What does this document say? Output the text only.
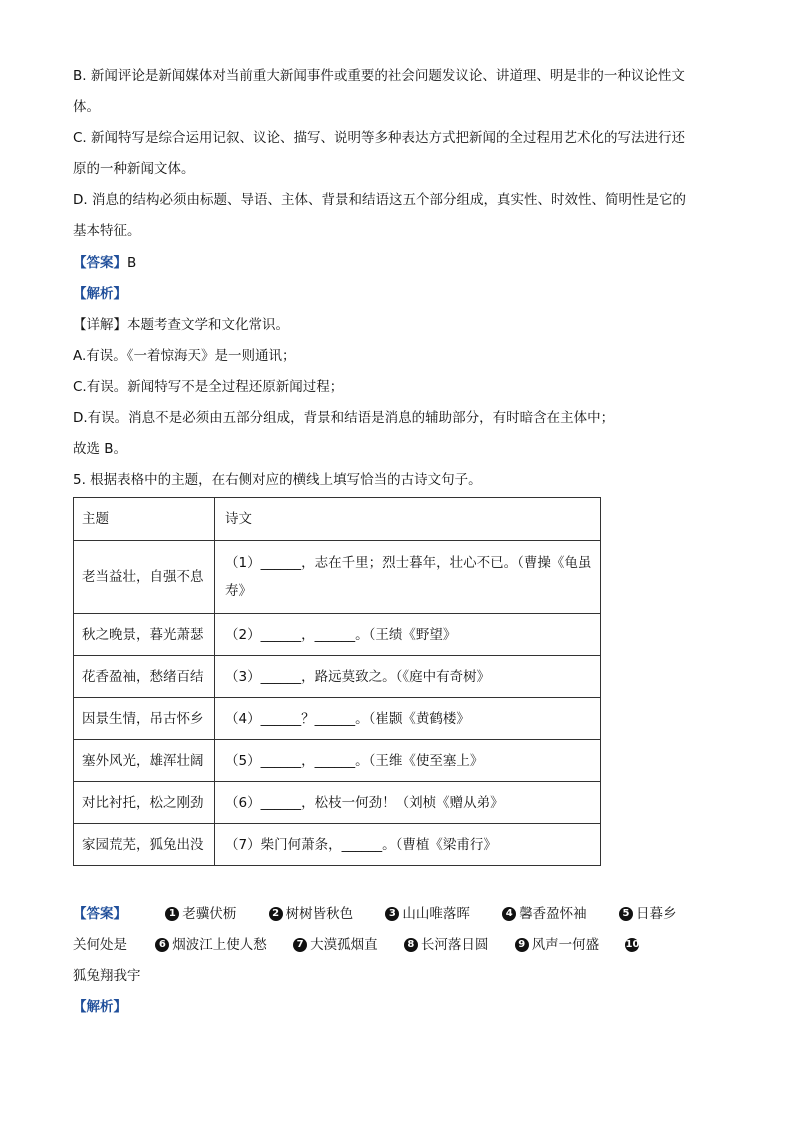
B. 新闻评论是新闻媒体对当前重大新闻事件或重要的社会问题发议论、讲道理、明是非的一种议论性文
体。
C. 新闻特写是综合运用记叙、议论、描写、说明等多种表达方式把新闻的全过程用艺术化的写法进行还
原的一种新闻文体。
D. 消息的结构必须由标题、导语、主体、背景和结语这五个部分组成，真实性、时效性、简明性是它的
基本特征。
【答案】B
【解析】
【详解】本题考查文学和文化常识。
A.有误。《一着惊海天》是一则通讯；
C.有误。新闻特写不是全过程还原新闻过程；
D.有误。消息不是必须由五部分组成，背景和结语是消息的辅助部分，有时暗含在主体中；
故选 B。
5. 根据表格中的主题，在右侧对应的横线上填写恰当的古诗文句子。
主题	诗文
老当益壮，自强不息	（1）______，志在千里；烈士暮年，壮心不已。（曹操《龟虽寿》
秋之晚景，暮光萧瑟	（2）______，______。（王绩《野望》
花香盈袖，愁绪百结	（3）______，路远莫致之。（《庭中有奇树》
因景生情，吊古怀乡	（4）______？______。（崔颢《黄鹤楼》
塞外风光，雄浑壮阔	（5）______，______。（王维《使至塞上》
对比衬托，松之刚劲	（6）______，松枝一何劲！（刘桢《赠从弟》
家园荒芜，狐兔出没	（7）柴门何萧条，______。（曹植《梁甫行》
【答案】	1 老骥伏枥	2 树树皆秋色	3 山山唯落晖	4 馨香盈怀袖	5 日暮乡
关何处是	6 烟波江上使人愁	7 大漠孤烟直	8 长河落日圆	9 风声一何盛	10
狐兔翔我宇
【解析】
